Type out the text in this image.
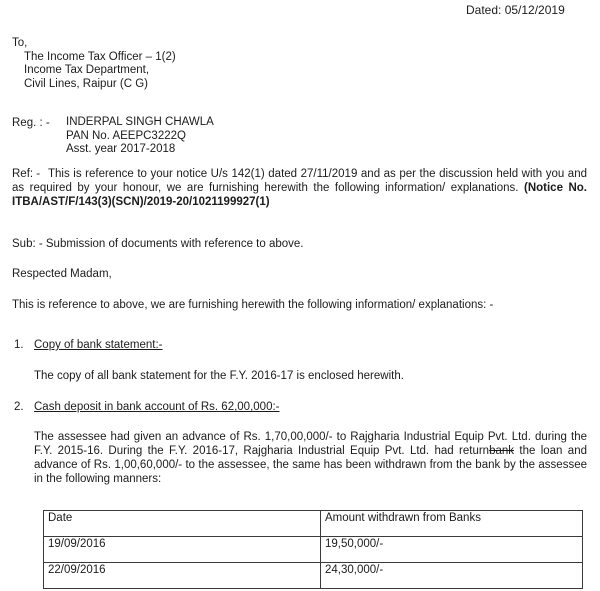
Dated: 05/12/2019
To,
The Income Tax Officer – 1(2)
Income Tax Department,
Civil Lines, Raipur (C G)
Reg. : - INDERPAL SINGH CHAWLA
PAN No. AEEPC3222Q
Asst. year 2017-2018
Ref: - This is reference to your notice U/s 142(1) dated 27/11/2019 and as per the discussion held with you and as required by your honour, we are furnishing herewith the following information/ explanations. (Notice No. ITBA/AST/F/143(3)(SCN)/2019-20/1021199927(1)
Sub: - Submission of documents with reference to above.
Respected Madam,
This is reference to above, we are furnishing herewith the following information/ explanations: -
1. Copy of bank statement:-
The copy of all bank statement for the F.Y. 2016-17 is enclosed herewith.
2. Cash deposit in bank account of Rs. 62,00,000:-
The assessee had given an advance of Rs. 1,70,00,000/- to Rajgharia Industrial Equip Pvt. Ltd. during the F.Y. 2015-16. During the F.Y. 2016-17, Rajgharia Industrial Equip Pvt. Ltd. had returnbank the loan and advance of Rs. 1,00,60,000/- to the assessee, the same has been withdrawn from the bank by the assessee in the following manners:
Date	Amount withdrawn from Banks
19/09/2016	19,50,000/-
22/09/2016	24,30,000/-
